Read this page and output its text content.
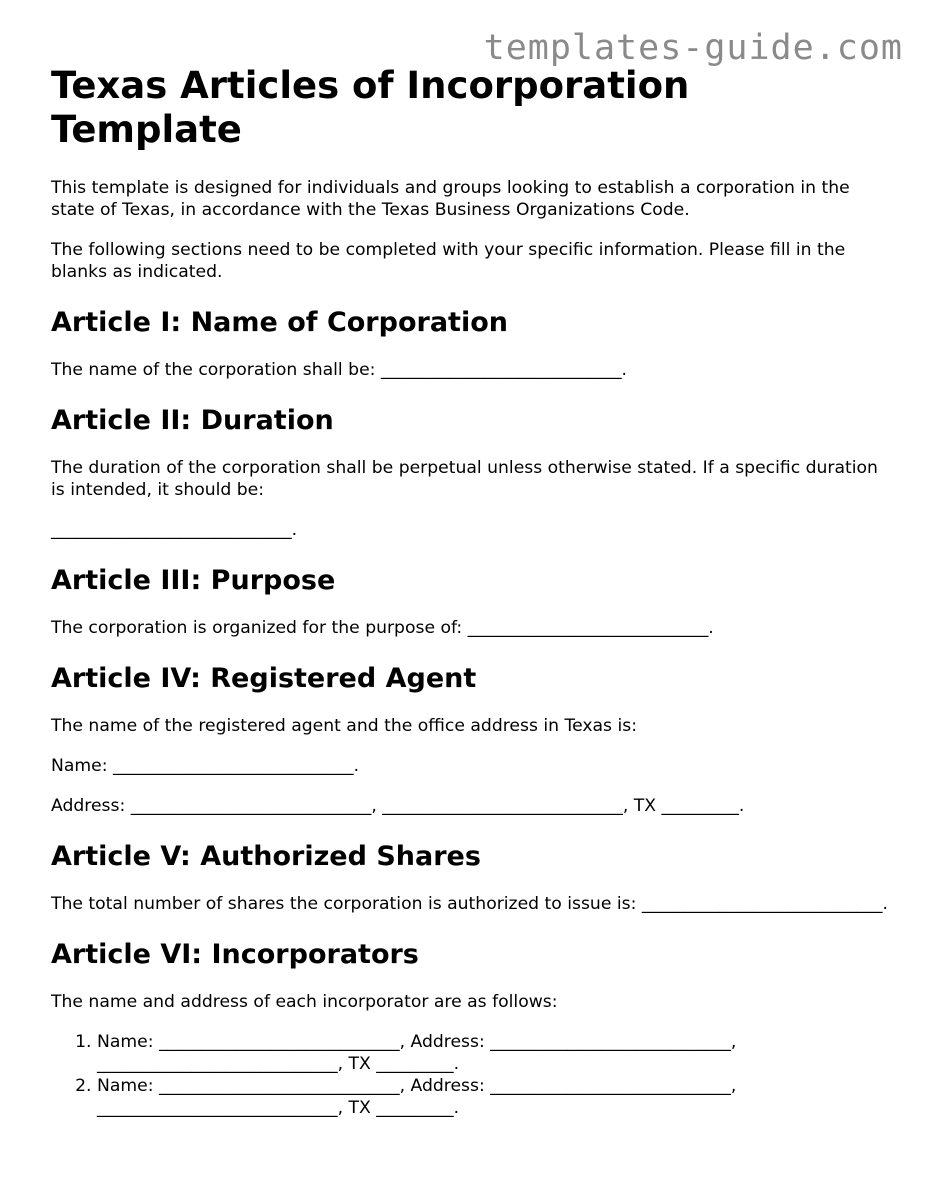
templates-guide.com
Texas Articles of Incorporation Template

This template is designed for individuals and groups looking to establish a corporation in the state of Texas, in accordance with the Texas Business Organizations Code.

The following sections need to be completed with your specific information. Please fill in the blanks as indicated.

Article I: Name of Corporation

The name of the corporation shall be: ____________________________.

Article II: Duration

The duration of the corporation shall be perpetual unless otherwise stated. If a specific duration is intended, it should be:

____________________________.

Article III: Purpose

The corporation is organized for the purpose of: ____________________________.

Article IV: Registered Agent

The name of the registered agent and the office address in Texas is:

Name: ____________________________.

Address: ____________________________, ____________________________, TX _________.

Article V: Authorized Shares

The total number of shares the corporation is authorized to issue is: ____________________________.

Article VI: Incorporators

The name and address of each incorporator are as follows:

1. Name: ____________________________, Address: ____________________________, ____________________________, TX _________.
2. Name: ____________________________, Address: ____________________________, ____________________________, TX _________.
